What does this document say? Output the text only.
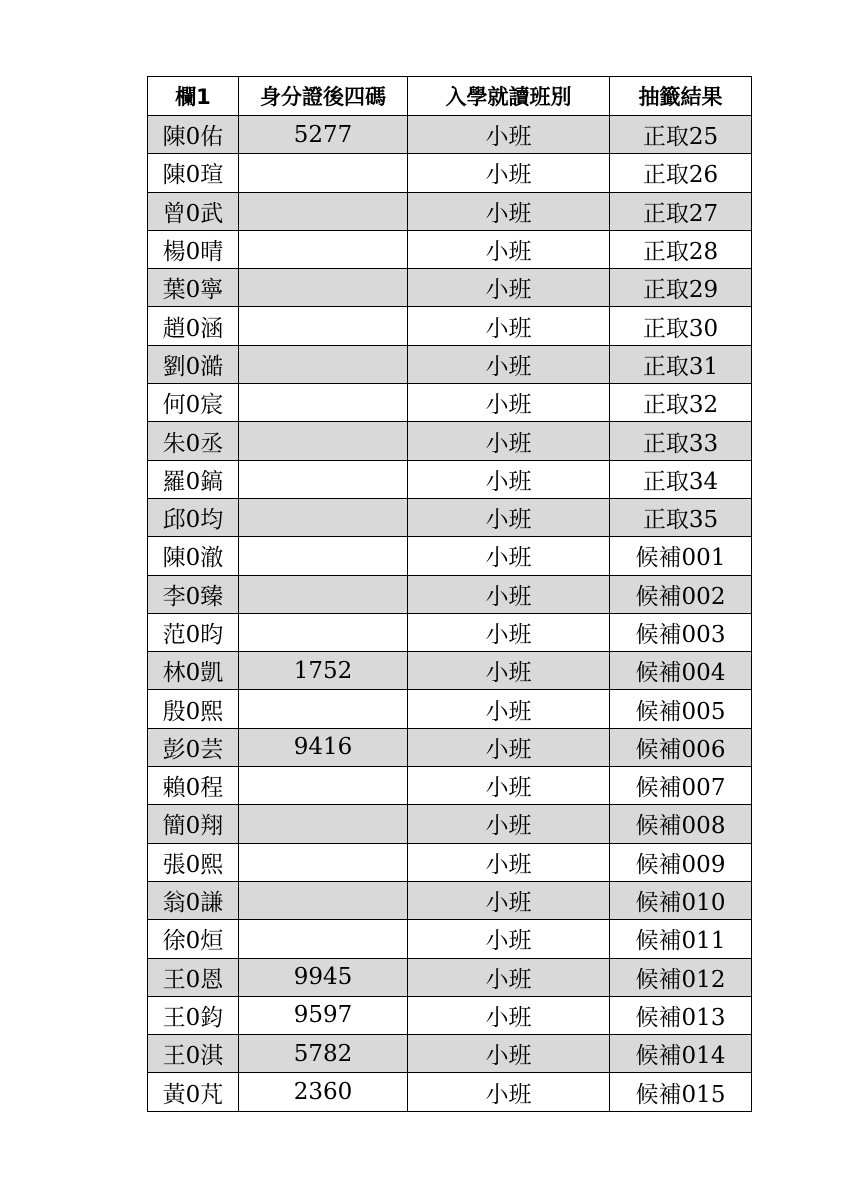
欄1	身分證後四碼	入學就讀班別	抽籤結果
陳0佑	5277	小班	正取25
陳0瑄		小班	正取26
曾0武		小班	正取27
楊0晴		小班	正取28
葉0寧		小班	正取29
趙0涵		小班	正取30
劉0澔		小班	正取31
何0宸		小班	正取32
朱0丞		小班	正取33
羅0鎬		小班	正取34
邱0均		小班	正取35
陳0澈		小班	候補001
李0臻		小班	候補002
范0昀		小班	候補003
林0凱	1752	小班	候補004
殷0熙		小班	候補005
彭0芸	9416	小班	候補006
賴0程		小班	候補007
簡0翔		小班	候補008
張0熙		小班	候補009
翁0謙		小班	候補010
徐0烜		小班	候補011
王0恩	9945	小班	候補012
王0鈞	9597	小班	候補013
王0淇	5782	小班	候補014
黃0芃	2360	小班	候補015
